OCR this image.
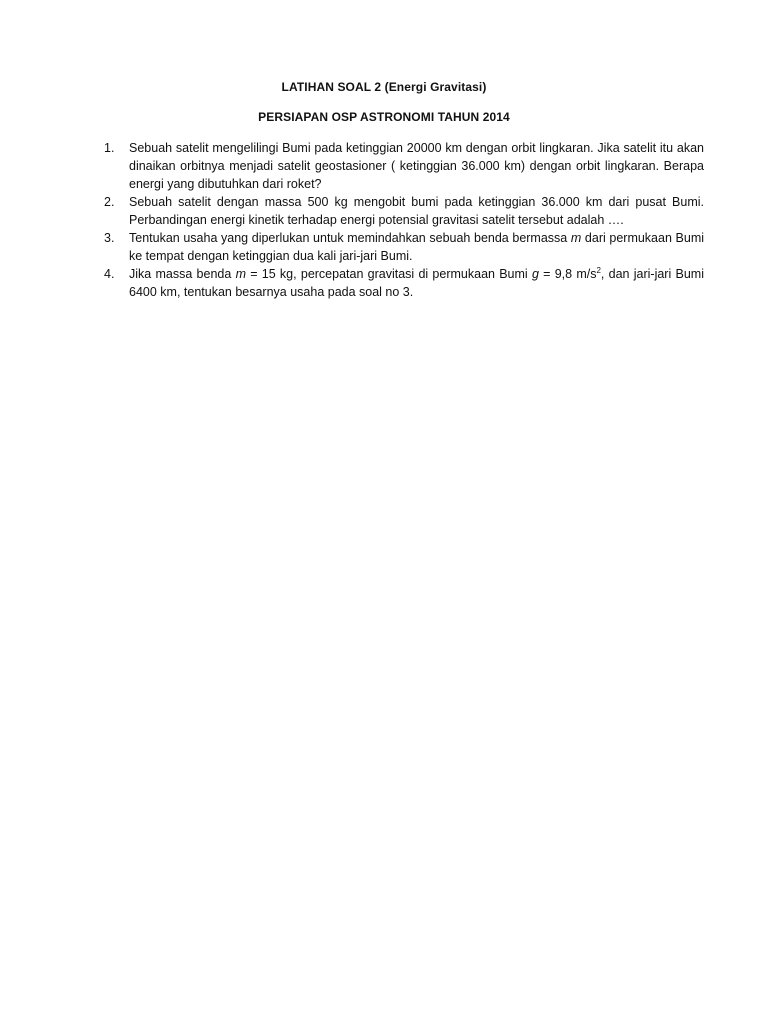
LATIHAN SOAL 2 (Energi Gravitasi)
PERSIAPAN OSP ASTRONOMI TAHUN 2014
1. Sebuah satelit mengelilingi Bumi pada ketinggian 20000 km dengan orbit lingkaran. Jika satelit itu akan dinaikan orbitnya menjadi satelit geostasioner ( ketinggian 36.000 km) dengan orbit lingkaran. Berapa energi yang dibutuhkan dari roket?
2. Sebuah satelit dengan massa 500 kg mengobit bumi pada ketinggian 36.000 km dari pusat Bumi. Perbandingan energi kinetik terhadap energi potensial gravitasi satelit tersebut adalah ….
3. Tentukan usaha yang diperlukan untuk memindahkan sebuah benda bermassa m dari permukaan Bumi ke tempat dengan ketinggian dua kali jari-jari Bumi.
4. Jika massa benda m = 15 kg, percepatan gravitasi di permukaan Bumi g = 9,8 $m/s^2$, dan jari-jari Bumi 6400 km, tentukan besarnya usaha pada soal no 3.
